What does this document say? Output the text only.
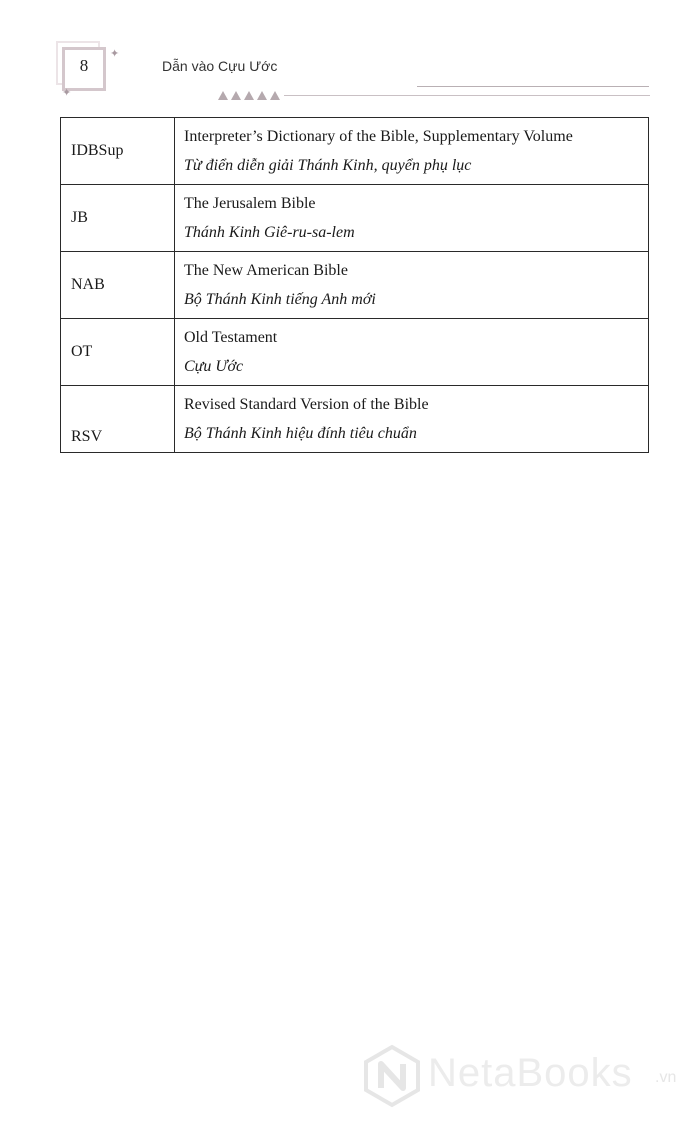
8
✦
✦
Dẫn vào Cựu Ước
IDBSup	Interpreter’s Dictionary of the Bible, Supplementary Volume
Từ điển diễn giải Thánh Kinh, quyển phụ lục

JB	The Jerusalem Bible
Thánh Kinh Giê-ru-sa-lem

NAB	The New American Bible
Bộ Thánh Kinh tiếng Anh mới

OT	Old Testament
Cựu Ước

RSV	Revised Standard Version of the Bible
Bộ Thánh Kinh hiệu đính tiêu chuẩn
NetaBooks .vn
